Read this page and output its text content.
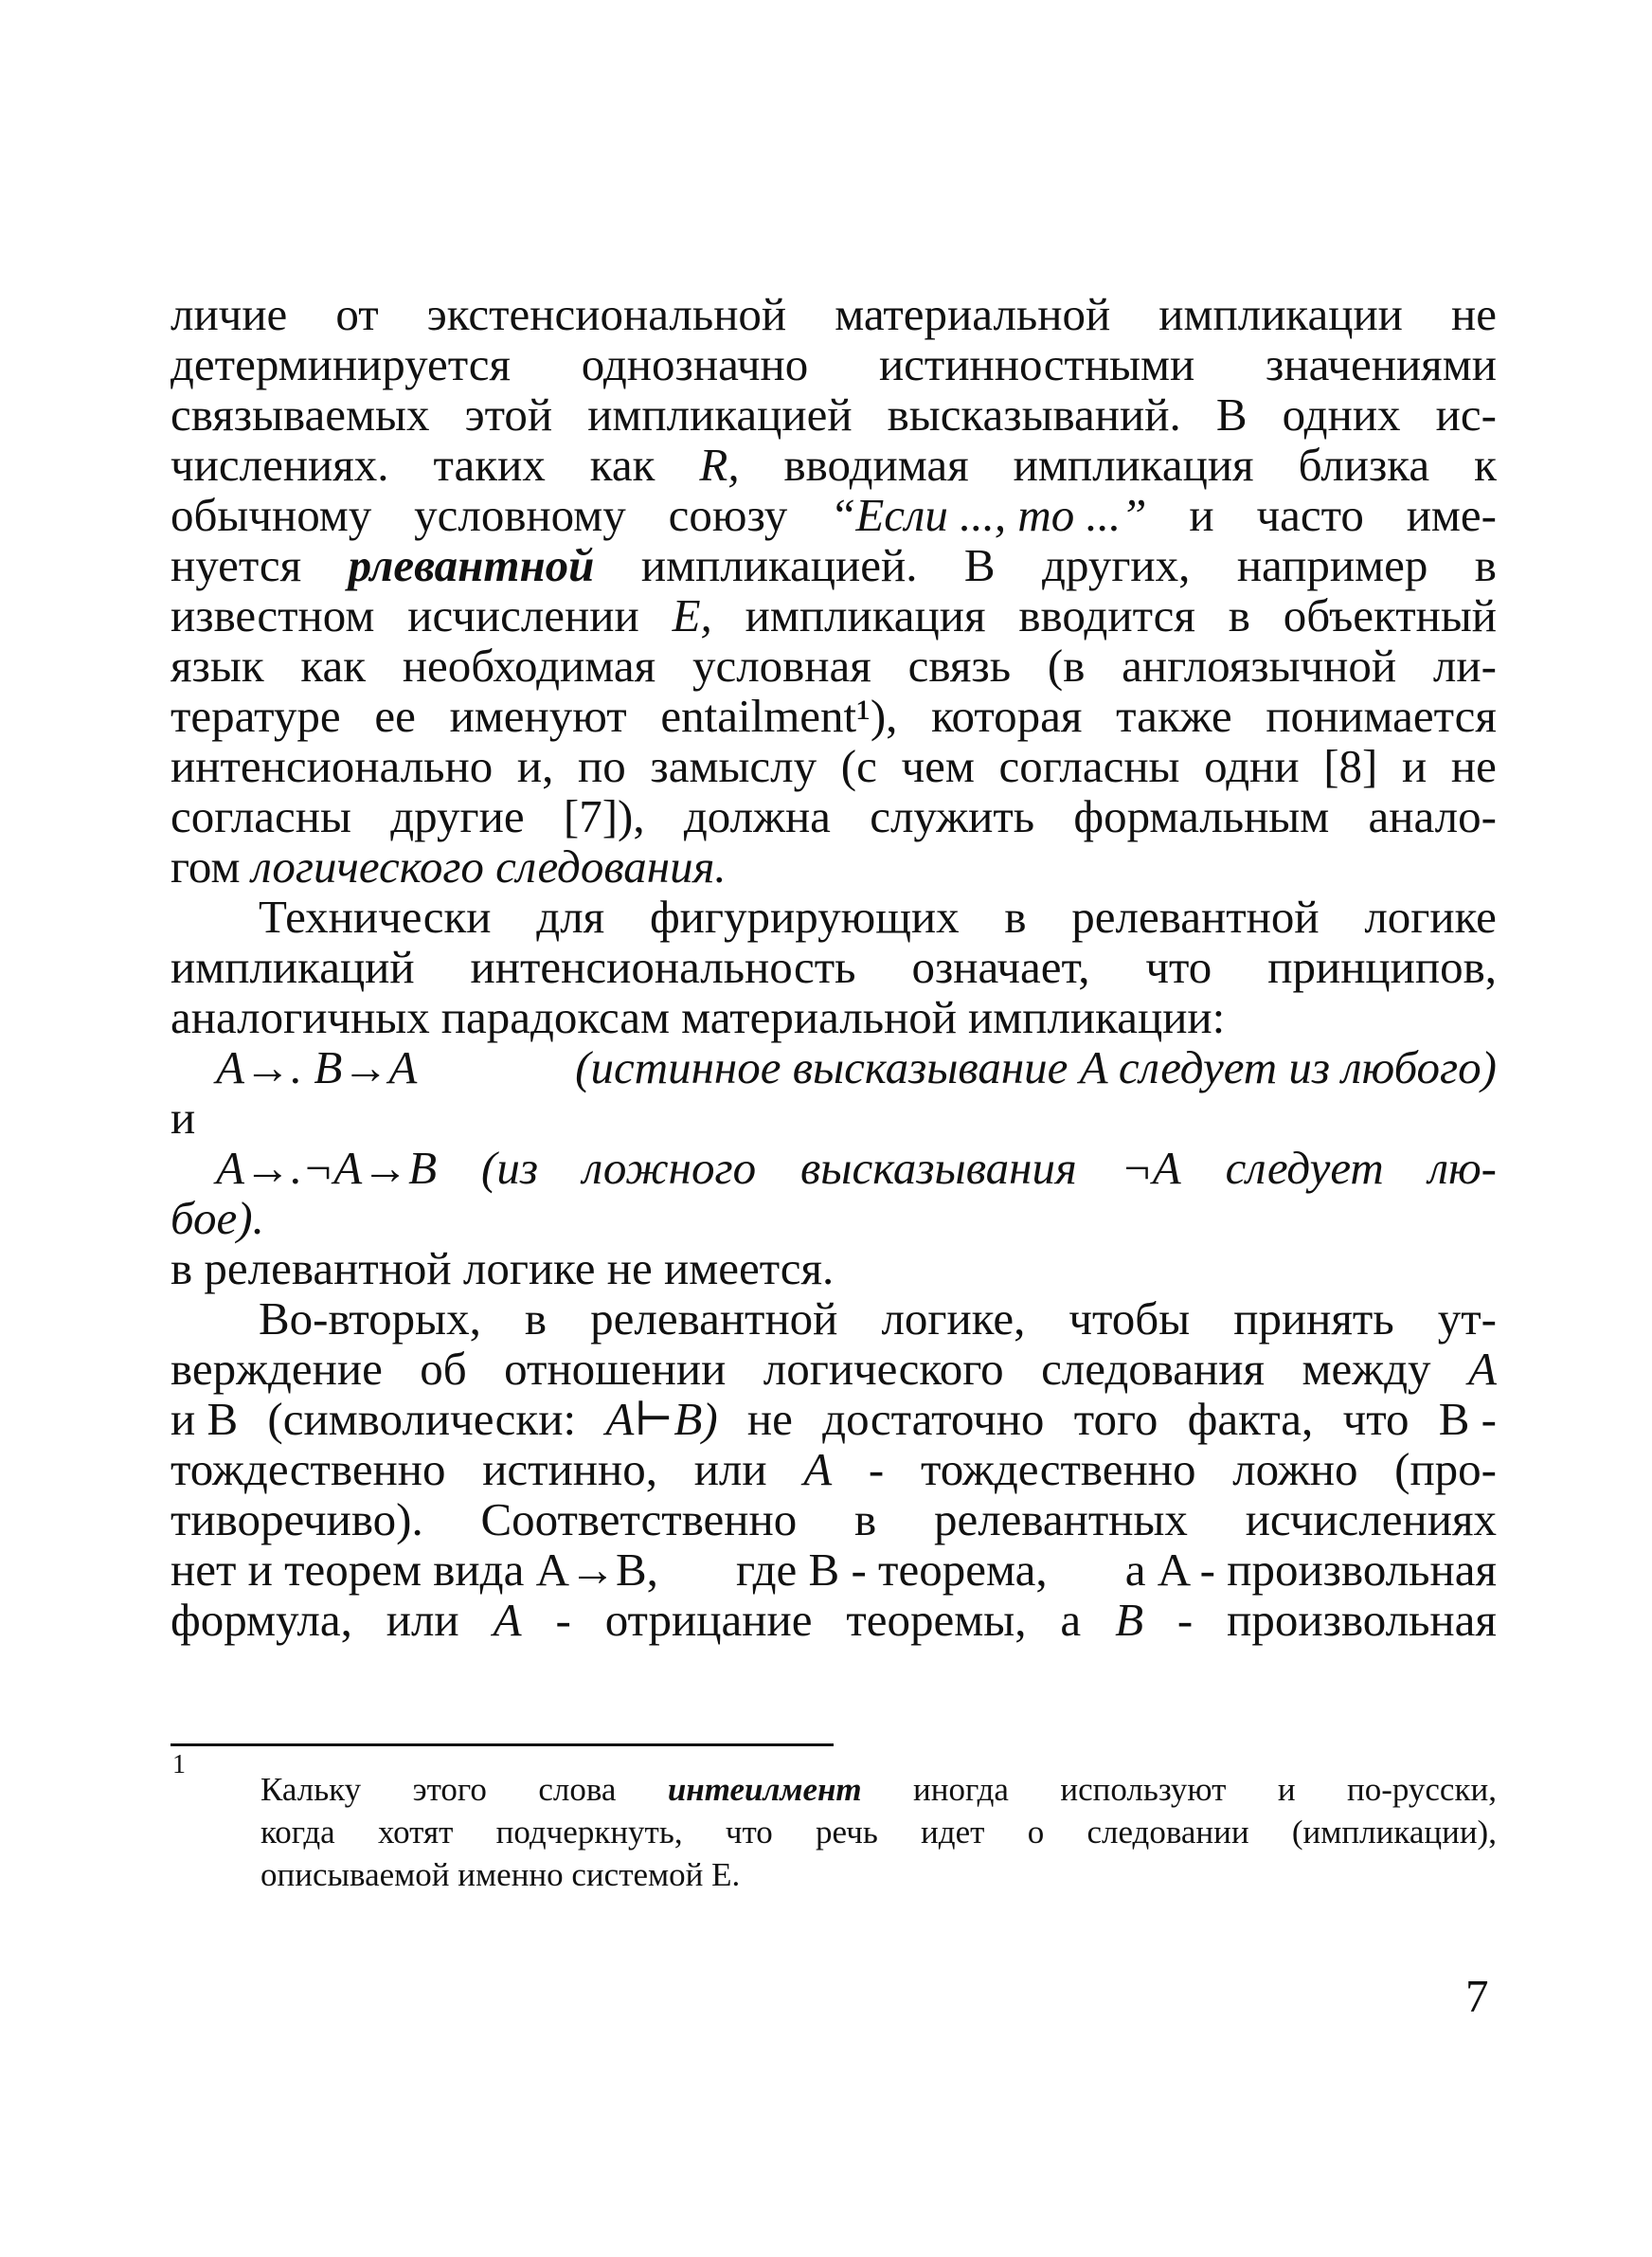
личие от экстенсиональной материальной импликации не
детерминируется однозначно истинностными значениями
связываемых этой импликацией высказываний. В одних ис-
числениях. таких как R, вводимая импликация близка к
обычному условному союзу “Если ..., то ...” и часто име-
нуется рлевантной импликацией. В других, например в
известном исчислении E, импликация вводится в объектный
язык как необходимая условная связь (в англоязычной ли-
тературе ее именуют entailment¹), которая также понимается
интенсионально и, по замыслу (с чем согласны одни [8] и не
согласны другие [7]), должна служить формальным анало-
гом логического следования.
Технически для фигурирующих в релевантной логике
импликаций интенсиональность означает, что принципов,
аналогичных парадоксам материальной импликации:
A→. B→A	(истинное высказывание A следует из любого)
и
A→.¬A→B (из ложного высказывания ¬A следует лю-
бое).
в релевантной логике не имеется.
Во-вторых, в релевантной логике, чтобы принять ут-
верждение об отношении логического следования между A
и B (символически: A⊢B) не достаточно того факта, что B -
тождественно истинно, или A - тождественно ложно (про-
тиворечиво). Соответственно в релевантных исчислениях
нет и теорем вида A→B, где B - теорема, а A - произвольная
формула, или A - отрицание теоремы, а B - произвольная
1
Кальку этого слова интеилмент иногда используют и по-русски,
когда хотят подчеркнуть, что речь идет о следовании (импликации),
описываемой именно системой E.
7
